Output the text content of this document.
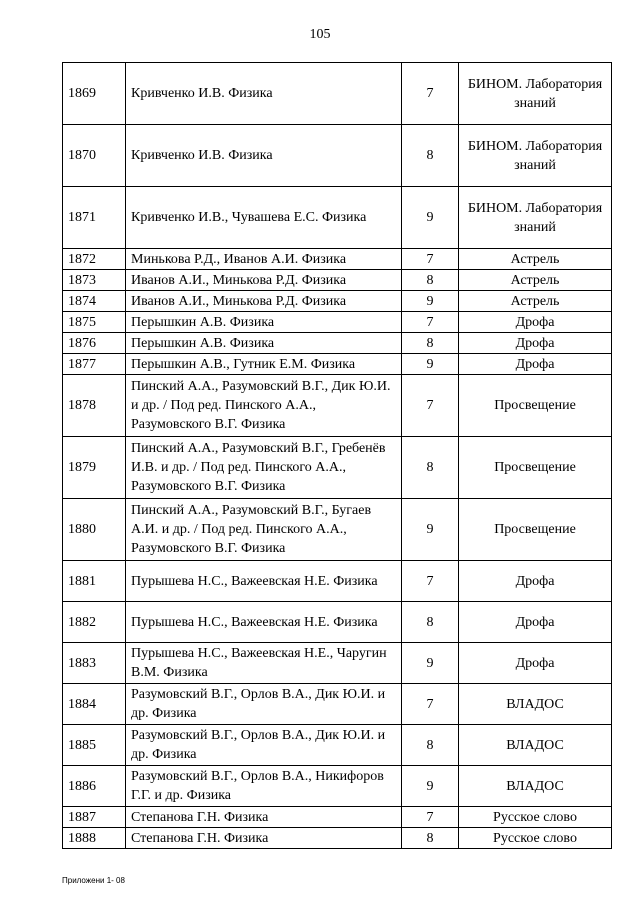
105
1869	Кривченко И.В. Физика	7	БИНОМ. Лаборатория знаний
1870	Кривченко И.В. Физика	8	БИНОМ. Лаборатория знаний
1871	Кривченко И.В., Чувашева Е.С. Физика	9	БИНОМ. Лаборатория знаний
1872	Минькова Р.Д., Иванов А.И. Физика	7	Астрель
1873	Иванов А.И., Минькова Р.Д. Физика	8	Астрель
1874	Иванов А.И., Минькова Р.Д. Физика	9	Астрель
1875	Перышкин А.В. Физика	7	Дрофа
1876	Перышкин А.В. Физика	8	Дрофа
1877	Перышкин А.В., Гутник Е.М. Физика	9	Дрофа
1878	Пинский А.А., Разумовский В.Г., Дик Ю.И. и др. / Под ред. Пинского А.А., Разумовского В.Г. Физика	7	Просвещение
1879	Пинский А.А., Разумовский В.Г., Гребенёв И.В. и др. / Под ред. Пинского А.А., Разумовского В.Г. Физика	8	Просвещение
1880	Пинский А.А., Разумовский В.Г., Бугаев А.И. и др. / Под ред. Пинского А.А., Разумовского В.Г. Физика	9	Просвещение
1881	Пурышева Н.С., Важеевская Н.Е. Физика	7	Дрофа
1882	Пурышева Н.С., Важеевская Н.Е. Физика	8	Дрофа
1883	Пурышева Н.С., Важеевская Н.Е., Чаругин В.М. Физика	9	Дрофа
1884	Разумовский В.Г., Орлов В.А., Дик Ю.И. и др. Физика	7	ВЛАДОС
1885	Разумовский В.Г., Орлов В.А., Дик Ю.И. и др. Физика	8	ВЛАДОС
1886	Разумовский В.Г., Орлов В.А., Никифоров Г.Г. и др. Физика	9	ВЛАДОС
1887	Степанова Г.Н. Физика	7	Русское слово
1888	Степанова Г.Н. Физика	8	Русское слово
Приложени 1- 08
